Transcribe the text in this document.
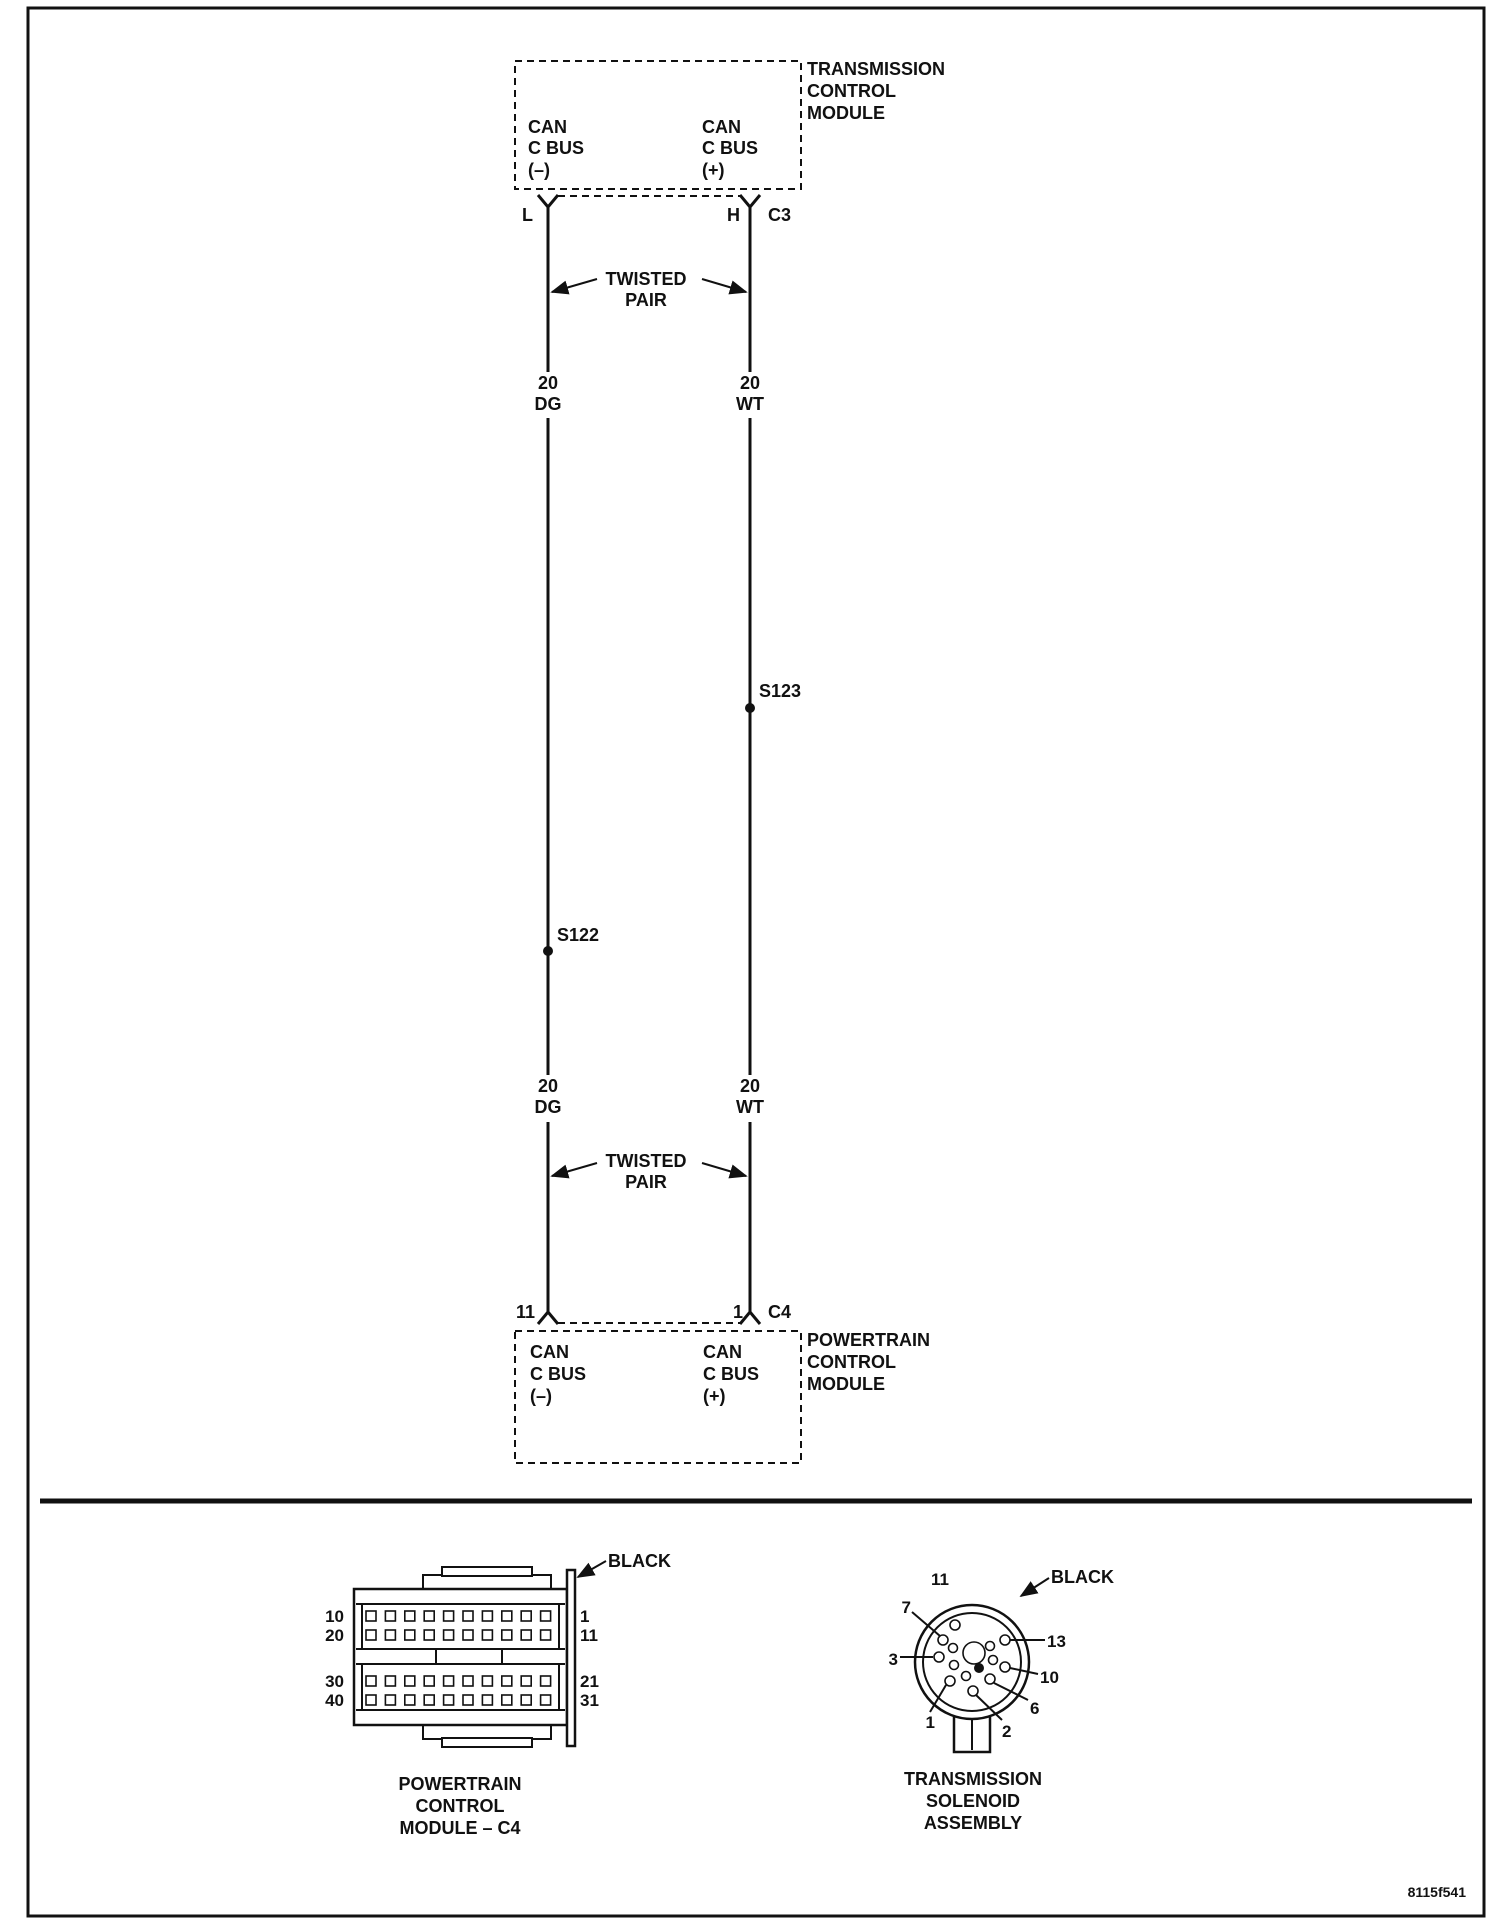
TRANSMISSION
CONTROL
MODULE
CAN
C BUS
(–)
CAN
C BUS
(+)
L	H C3
20
DG
20
WT
20
DG
20
WT
S123
S122
TWISTED
PAIR
TWISTED
PAIR
11	1 C4
POWERTRAIN
CONTROL
MODULE
CAN
C BUS
(–)
CAN
C BUS
(+)
BLACK
10
20
30
40
1
11
21
31
POWERTRAIN
CONTROL
MODULE – C4
11
7
3
1	2
6
10
13
BLACK
TRANSMISSION
SOLENOID
ASSEMBLY
8115f541
